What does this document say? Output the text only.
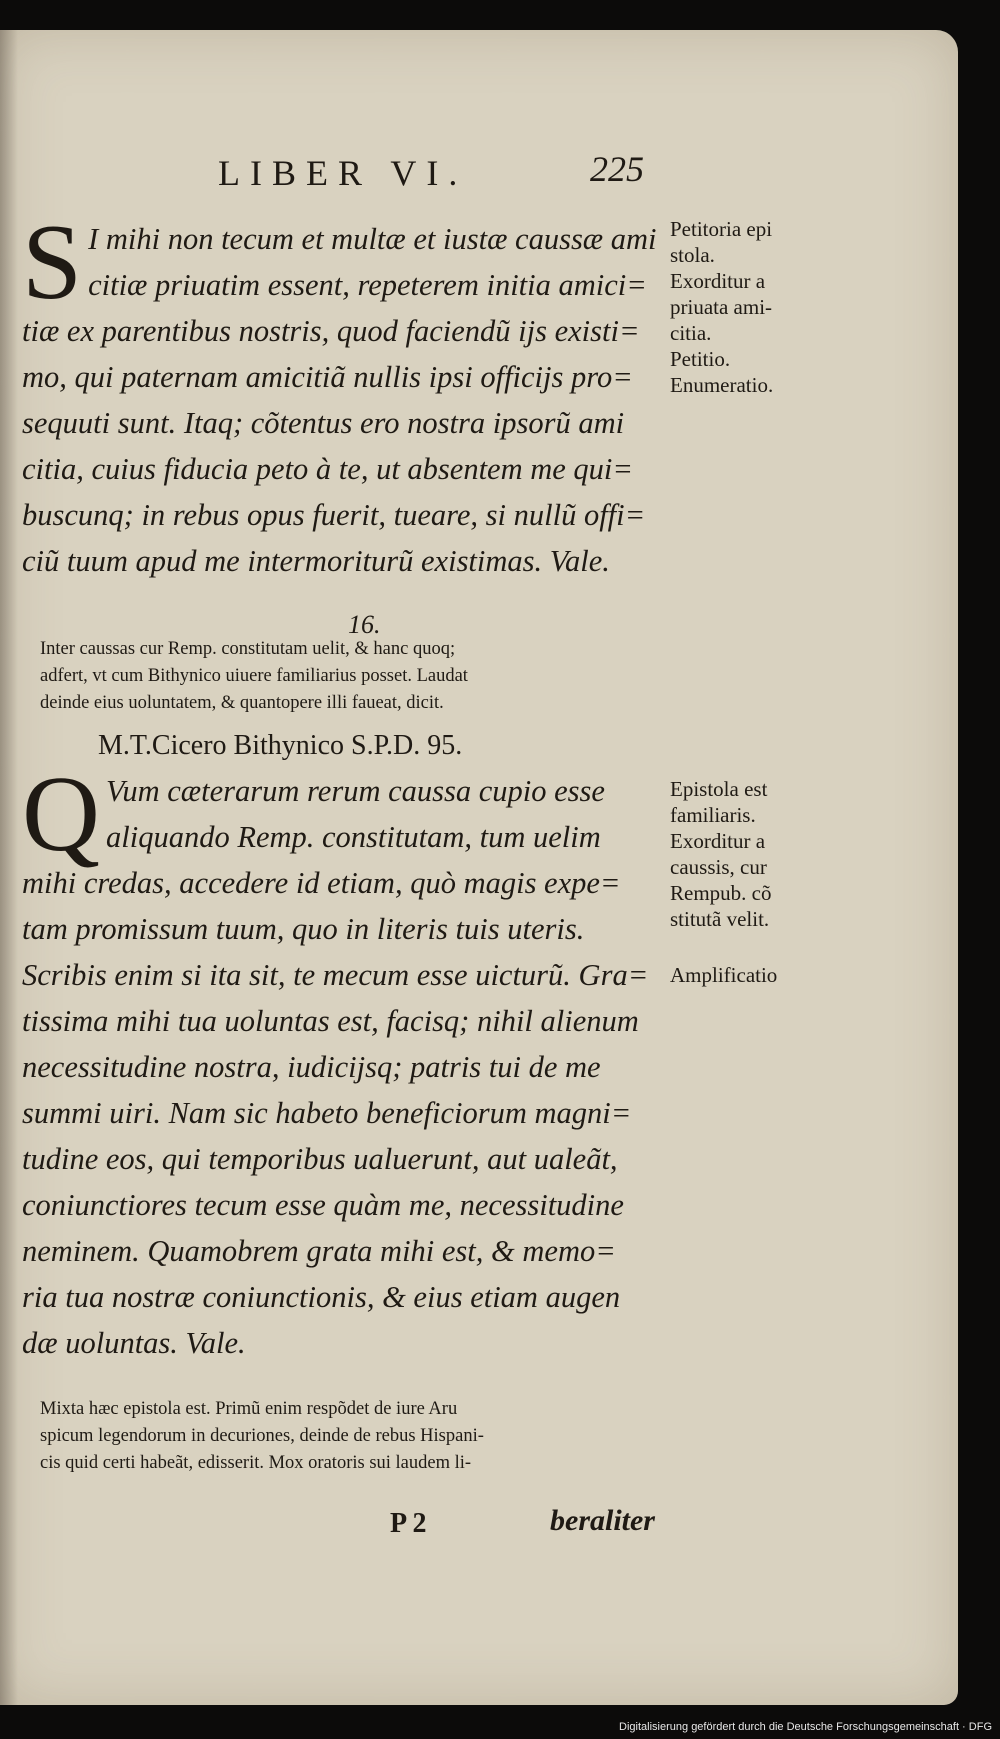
LIBER VI.	225
S I mihi non tecum et multæ et iustæ caussæ ami
citiæ priuatim essent, repeterem initia amici=
tiæ ex parentibus nostris, quod faciendũ ijs existi=
mo, qui paternam amicitiã nullis ipsi officijs pro=
sequuti sunt. Itaq; cõtentus ero nostra ipsorũ ami
citia, cuius fiducia peto à te, ut absentem me qui=
buscunq; in rebus opus fuerit, tueare, si nullũ offi=
ciũ tuum apud me intermoriturũ existimas. Vale.
Petitoria epi
stola.
Exorditur a
priuata ami-
citia.
Petitio.
Enumeratio.
16.
Inter caussas cur Remp. constitutam uelit, & hanc quoq;
adfert, vt cum Bithynico uiuere familiarius posset. Laudat
deinde eius uoluntatem, & quantopere illi faueat, dicit.
M.T.Cicero Bithynico S.P.D. 95.
Q Vum cæterarum rerum caussa cupio esse
aliquando Remp. constitutam, tum uelim
mihi credas, accedere id etiam, quò magis expe=
tam promissum tuum, quo in literis tuis uteris.
Scribis enim si ita sit, te mecum esse uicturũ. Gra=
tissima mihi tua uoluntas est, facisq; nihil alienum
necessitudine nostra, iudicijsq; patris tui de me
summi uiri. Nam sic habeto beneficiorum magni=
tudine eos, qui temporibus ualuerunt, aut ualeãt,
coniunctiores tecum esse quàm me, necessitudine
neminem. Quamobrem grata mihi est, & memo=
ria tua nostræ coniunctionis, & eius etiam augen
dæ uoluntas. Vale.
Epistola est
familiaris.
Exorditur a
caussis, cur
Rempub. cõ
stitutã velit.
Amplificatio
Mixta hæc epistola est. Primũ enim respõdet de iure Aru
spicum legendorum in decuriones, deinde de rebus Hispani-
cis quid certi habeãt, edisserit. Mox oratoris sui laudem li-
P 2	beraliter
Digitalisierung gefördert durch die Deutsche Forschungsgemeinschaft · DFG
